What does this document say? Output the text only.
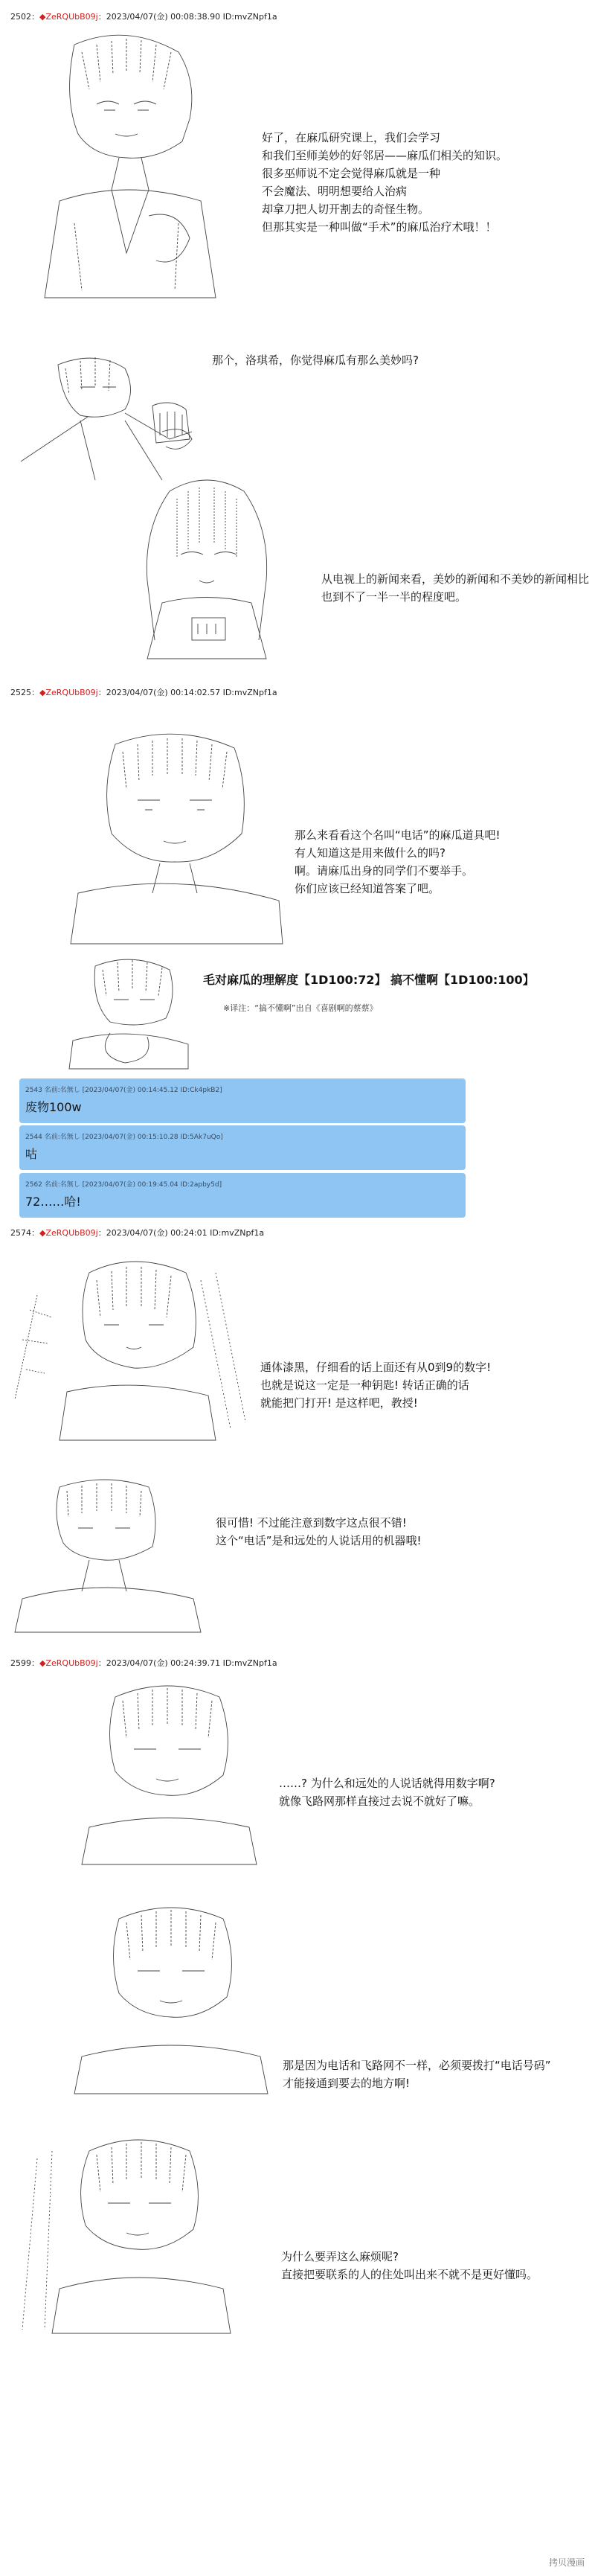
2502：◆ZeRQUbB09j：2023/04/07(金) 00:08:38.90 ID:mvZNpf1a
好了，在麻瓜研究课上，我们会学习
和我们至师美妙的好邻居——麻瓜们相关的知识。
很多巫师说不定会觉得麻瓜就是一种
不会魔法、明明想要给人治病
却拿刀把人切开割去的奇怪生物。
但那其实是一种叫做“手术”的麻瓜治疗术哦！！
那个，洛琪希，你觉得麻瓜有那么美妙吗?
从电视上的新闻来看，美妙的新闻和不美妙的新闻相比
也到不了一半一半的程度吧。
2525：◆ZeRQUbB09j：2023/04/07(金) 00:14:02.57 ID:mvZNpf1a
那么来看看这个名叫“电话”的麻瓜道具吧!
有人知道这是用来做什么的吗?
啊。请麻瓜出身的同学们不要举手。
你们应该已经知道答案了吧。
毛对麻瓜的理解度【1D100:72】 搞不懂啊【1D100:100】
※译注：“搞不懂啊”出自《喜剧啊的蔡蔡》
2543 名前:名無し [2023/04/07(金) 00:14:45.12 ID:Ck4pkB2]
废物100w
2544 名前:名無し [2023/04/07(金) 00:15:10.28 ID:5Ak7uQo]
咕
2562 名前:名無し [2023/04/07(金) 00:19:45.04 ID:2apby5d]
72……哈!
2574：◆ZeRQUbB09j：2023/04/07(金) 00:24:01 ID:mvZNpf1a
通体漆黑，仔细看的话上面还有从0到9的数字!
也就是说这一定是一种钥匙! 转话正确的话
就能把门打开! 是这样吧，教授!
很可惜! 不过能注意到数字这点很不错!
这个“电话”是和远处的人说话用的机器哦!
2599：◆ZeRQUbB09j：2023/04/07(金) 00:24:39.71 ID:mvZNpf1a
……? 为什么和远处的人说话就得用数字啊?
就像飞路网那样直接过去说不就好了嘛。
那是因为电话和飞路网不一样，必须要拨打“电话号码”
才能接通到要去的地方啊!
为什么要弄这么麻烦呢?
直接把要联系的人的住处叫出来不就不是更好懂吗。
拷贝漫画
